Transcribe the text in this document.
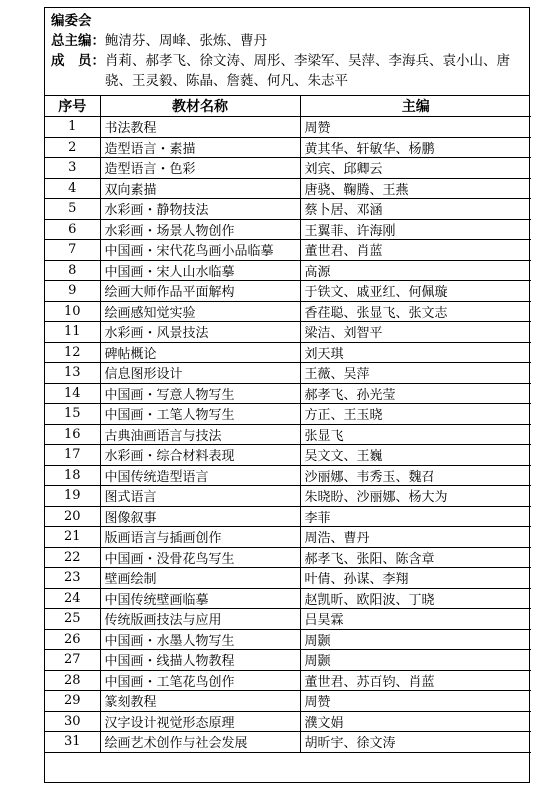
编委会
总主编：鲍清芬、周峰、张炼、曹丹
成　员： 肖莉、郝孝飞、徐文涛、周彤、李梁军、吴萍、李海兵、袁小山、唐骁、王灵毅、陈晶、詹蕤、何凡、朱志平
序号	教材名称	主编
1	书法教程	周赞
2	造型语言・素描	黄其华、轩敏华、杨鹏
3	造型语言・色彩	刘宾、邱卿云
4	双向素描	唐骁、鞠腾、王燕
5	水彩画・静物技法	蔡卜居、邓涵
6	水彩画・场景人物创作	王翼菲、许海刚
7	中国画・宋代花鸟画小品临摹	董世君、肖蓝
8	中国画・宋人山水临摹	高源
9	绘画大师作品平面解构	于铁文、戚亚红、何佩璇
10	绘画感知觉实验	香荏聪、张显飞、张文志
11	水彩画・风景技法	梁洁、刘智平
12	碑帖概论	刘天琪
13	信息图形设计	王薇、吴萍
14	中国画・写意人物写生	郝孝飞、孙光莹
15	中国画・工笔人物写生	方正、王玉晓
16	古典油画语言与技法	张显飞
17	水彩画・综合材料表现	吴文文、王巍
18	中国传统造型语言	沙丽娜、韦秀玉、魏召
19	图式语言	朱晓盼、沙丽娜、杨大为
20	图像叙事	李菲
21	版画语言与插画创作	周浩、曹丹
22	中国画・没骨花鸟写生	郝孝飞、张阳、陈含章
23	壁画绘制	叶倩、孙谋、李翔
24	中国传统壁画临摹	赵凯昕、欧阳波、丁晓
25	传统版画技法与应用	吕昊霖
26	中国画・水墨人物写生	周颢
27	中国画・线描人物教程	周颢
28	中国画・工笔花鸟创作	董世君、苏百钧、肖蓝
29	篆刻教程	周赞
30	汉字设计视觉形态原理	濮文娟
31	绘画艺术创作与社会发展	胡昕宇、徐文涛
